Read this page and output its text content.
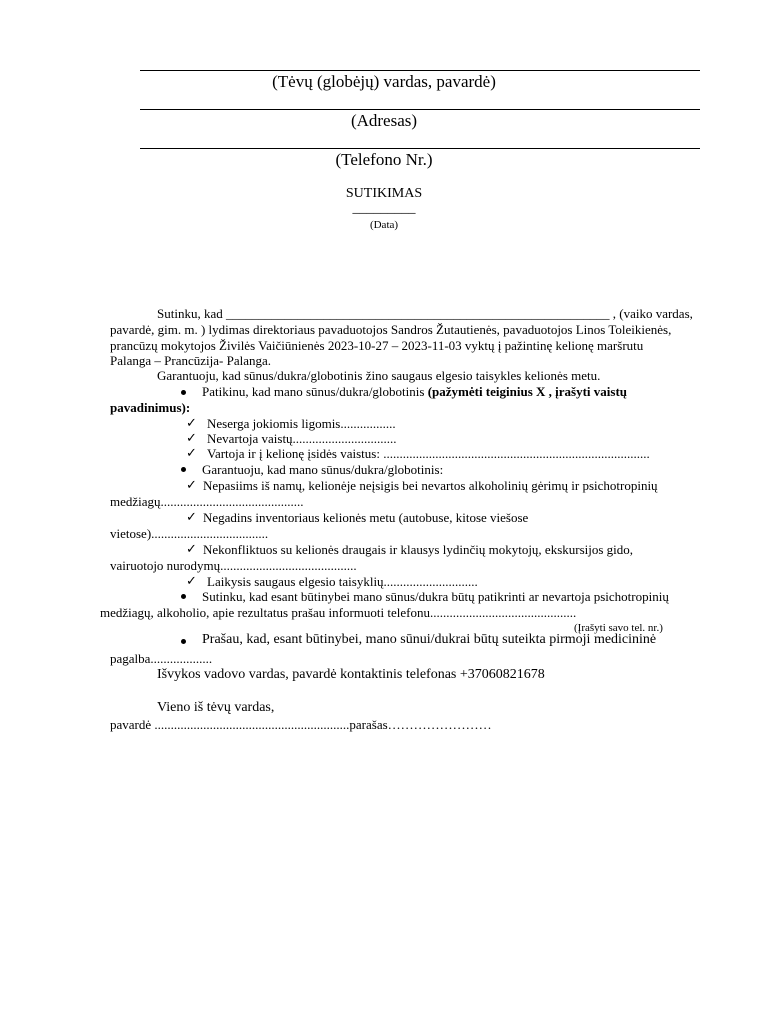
(Tėvų (globėjų) vardas, pavardė)
(Adresas)
(Telefono Nr.)
SUTIKIMAS
_________
(Data)
Sutinku, kad ___________________________________________________________ , (vaiko vardas,
pavardė, gim. m. ) lydimas direktoriaus pavaduotojos Sandros Žutautienės, pavaduotojos Linos Toleikienės,
prancūzų mokytojos Živilės Vaičiūnienės 2023-10-27 – 2023-11-03 vyktų į pažintinę kelionę maršrutu
Palanga – Prancūzija- Palanga.
Garantuoju, kad sūnus/dukra/globotinis žino saugaus elgesio taisykles kelionės metu.
Patikinu, kad mano sūnus/dukra/globotinis (pažymėti teiginius X , įrašyti vaistų
pavadinimus):
✓ Neserga jokiomis ligomis.................
✓ Nevartoja vaistų................................
✓ Vartoja ir į kelionę įsidės vaistus: ..................................................................................
Garantuoju, kad mano sūnus/dukra/globotinis:
✓ Nepasiims iš namų, kelionėje neįsigis bei nevartos alkoholinių gėrimų ir psichotropinių
medžiagų............................................
✓ Negadins inventoriaus kelionės metu (autobuse, kitose viešose
vietose)....................................
✓ Nekonfliktuos su kelionės draugais ir klausys lydinčių mokytojų, ekskursijos gido,
vairuotojo nurodymų..........................................
✓ Laikysis saugaus elgesio taisyklių.............................
Sutinku, kad esant būtinybei mano sūnus/dukra būtų patikrinti ar nevartoja psichotropinių
medžiagų, alkoholio, apie rezultatus prašau informuoti telefonu.............................................
(Įrašyti savo tel. nr.)
Prašau, kad, esant būtinybei, mano sūnui/dukrai būtų suteikta pirmoji medicininė
pagalba...................
Išvykos vadovo vardas, pavardė kontaktinis telefonas +37060821678
Vieno iš tėvų vardas,
pavardė ............................................................parašas……………………
